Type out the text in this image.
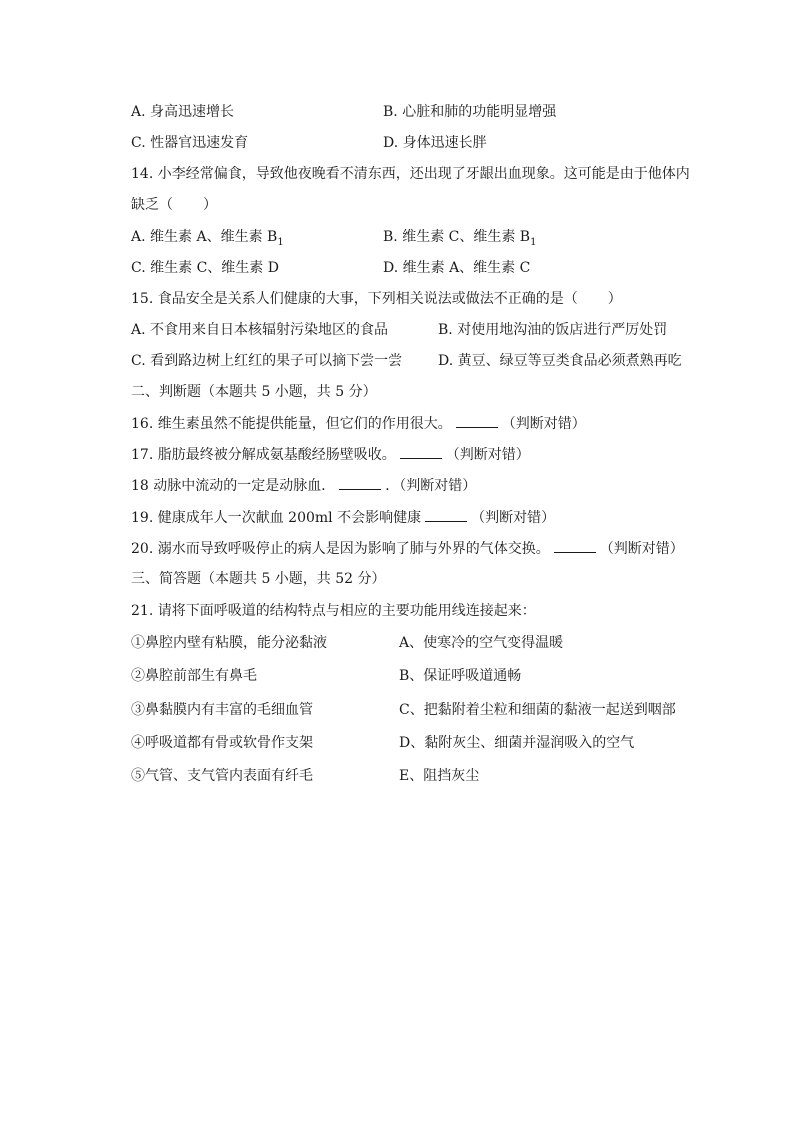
A. 身高迅速增长	B. 心脏和肺的功能明显增强
C. 性器官迅速发育	D. 身体迅速长胖
14. 小李经常偏食，导致他夜晚看不清东西，还出现了牙龈出血现象。这可能是由于他体内
缺乏（ ）
A. 维生素 A、维生素 $B_1$	B. 维生素 C、维生素 $B_1$
C. 维生素 C、维生素 D	D. 维生素 A、维生素 C
15. 食品安全是关系人们健康的大事，下列相关说法或做法不正确的是（ ）
A. 不食用来自日本核辐射污染地区的食品	B. 对使用地沟油的饭店进行严厉处罚
C. 看到路边树上红红的果子可以摘下尝一尝	D. 黄豆、绿豆等豆类食品必须煮熟再吃
二、判断题（本题共 5 小题，共 5 分）
16. 维生素虽然不能提供能量，但它们的作用很大。	（判断对错）
17. 脂肪最终被分解成氨基酸经肠壁吸收。	（判断对错）
18 动脉中流动的一定是动脉血．	．（判断对错）
19. 健康成年人一次献血 200ml 不会影响健康	（判断对错）
20. 溺水而导致呼吸停止的病人是因为影响了肺与外界的气体交换。	（判断对错）
三、简答题（本题共 5 小题，共 52 分）
21. 请将下面呼吸道的结构特点与相应的主要功能用线连接起来：
①鼻腔内壁有粘膜，能分泌黏液	A、使寒冷的空气变得温暖
②鼻腔前部生有鼻毛	B、保证呼吸道通畅
③鼻黏膜内有丰富的毛细血管	C、把黏附着尘粒和细菌的黏液一起送到咽部
④呼吸道都有骨或软骨作支架	D、黏附灰尘、细菌并湿润吸入的空气
⑤气管、支气管内表面有纤毛	E、阻挡灰尘
